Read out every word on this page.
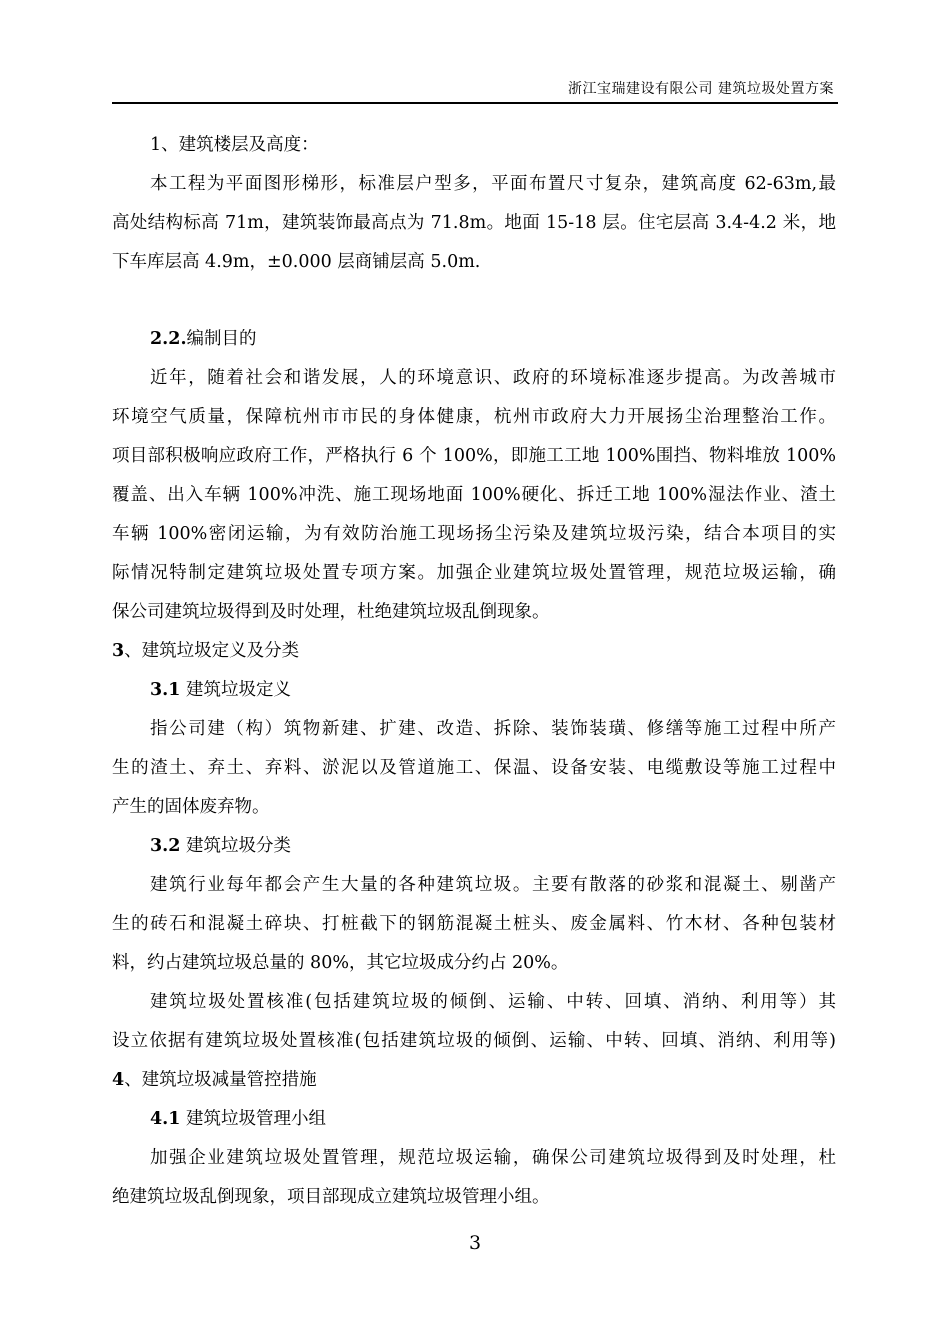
浙江宝瑞建设有限公司 建筑垃圾处置方案
1、建筑楼层及高度：
本工程为平面图形梯形，标准层户型多，平面布置尺寸复杂，建筑高度 62-63m,最
高处结构标高 71m，建筑装饰最高点为 71.8m。地面 15-18 层。住宅层高 3.4-4.2 米，地
下车库层高 4.9m，±0.000 层商铺层高 5.0m.
2.2.编制目的
近年，随着社会和谐发展，人的环境意识、政府的环境标准逐步提高。为改善城市
环境空气质量，保障杭州市市民的身体健康，杭州市政府大力开展扬尘治理整治工作。
项目部积极响应政府工作，严格执行 6 个 100%，即施工工地 100%围挡、物料堆放 100%
覆盖、出入车辆 100%冲洗、施工现场地面 100%硬化、拆迁工地 100%湿法作业、渣土
车辆 100%密闭运输，为有效防治施工现场扬尘污染及建筑垃圾污染，结合本项目的实
际情况特制定建筑垃圾处置专项方案。加强企业建筑垃圾处置管理，规范垃圾运输，确
保公司建筑垃圾得到及时处理，杜绝建筑垃圾乱倒现象。
3、建筑垃圾定义及分类
3.1 建筑垃圾定义
指公司建（构）筑物新建、扩建、改造、拆除、装饰装璜、修缮等施工过程中所产
生的渣土、弃土、弃料、淤泥以及管道施工、保温、设备安装、电缆敷设等施工过程中
产生的固体废弃物。
3.2 建筑垃圾分类
建筑行业每年都会产生大量的各种建筑垃圾。主要有散落的砂浆和混凝土、剔凿产
生的砖石和混凝土碎块、打桩截下的钢筋混凝土桩头、废金属料、竹木材、各种包装材
料，约占建筑垃圾总量的 80%，其它垃圾成分约占 20%。
建筑垃圾处置核准(包括建筑垃圾的倾倒、运输、中转、回填、消纳、利用等）其
设立依据有建筑垃圾处置核准(包括建筑垃圾的倾倒、运输、中转、回填、消纳、利用等)
4、建筑垃圾减量管控措施
4.1 建筑垃圾管理小组
加强企业建筑垃圾处置管理，规范垃圾运输，确保公司建筑垃圾得到及时处理，杜
绝建筑垃圾乱倒现象，项目部现成立建筑垃圾管理小组。
3
